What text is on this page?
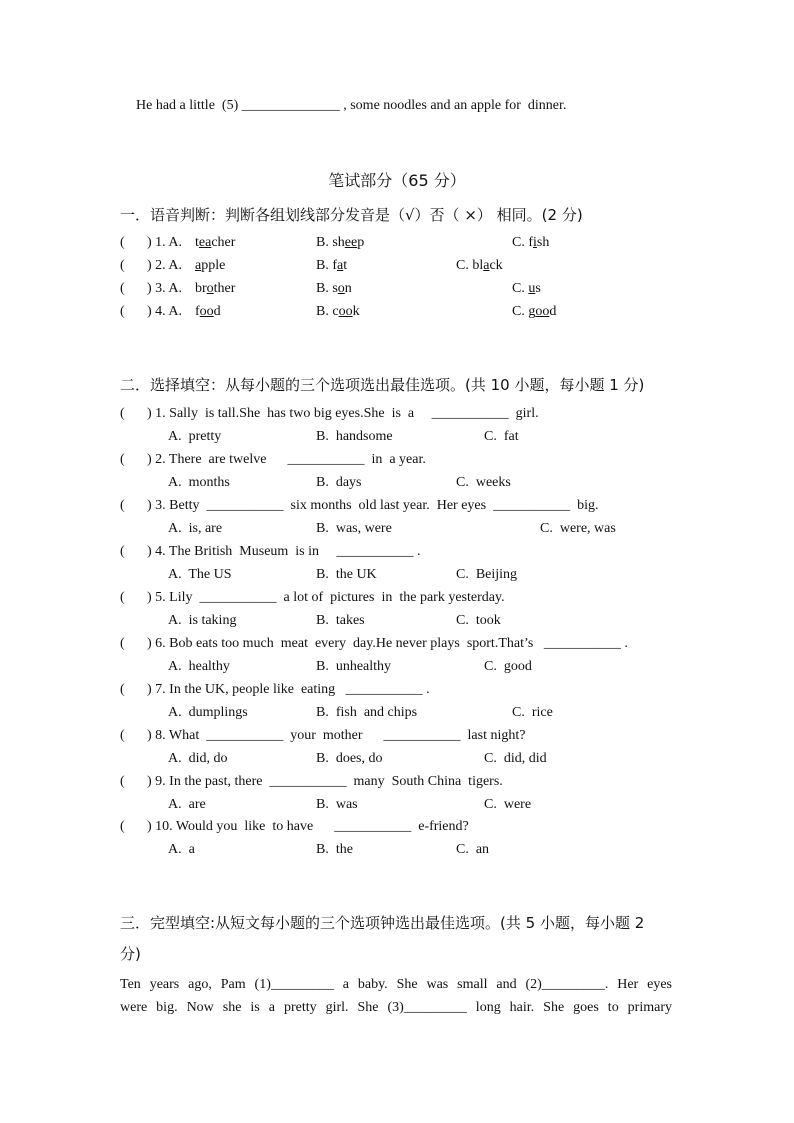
He had a little  (5) ______________ , some noodles and an apple for  dinner.
笔试部分（65 分）
一．语音判断：判断各组划线部分发音是（√）否（ ×） 相同。(2 分)
( ) 1. A. teacher	B. sheep	C. fish
( ) 2. A. apple	B. fat	C. black
( ) 3. A. brother	B. son	C. us
( ) 4. A. food	B. cook	C. good
二．选择填空：从每小题的三个选项选出最佳选项。(共 10 小题，每小题 1 分)
( ) 1. Sally  is tall.She  has two big eyes.She  is  a     ___________  girl.
A.  pretty	B.  handsome	C.  fat
( ) 2. There  are twelve      ___________  in  a year.
A.  months	B.  days	C.  weeks
( ) 3. Betty  ___________  six months  old last year.  Her eyes  ___________  big.
A.  is, are	B.  was, were	C.  were, was
( ) 4. The British  Museum  is in     ___________ .
A.  The US	B.  the UK	C.  Beijing
( ) 5. Lily  ___________  a lot of  pictures  in  the park yesterday.
A.  is taking	B.  takes	C.  took
( ) 6. Bob eats too much  meat  every  day.He never plays  sport.That’s   ___________ .
A.  healthy	B.  unhealthy	C.  good
( ) 7. In the UK, people like  eating   ___________ .
A.  dumplings	B.  fish  and chips	C.  rice
( ) 8. What  ___________  your  mother      ___________  last night?
A.  did, do	B.  does, do	C.  did, did
( ) 9. In the past, there  ___________  many  South China  tigers.
A.  are	B.  was	C.  were
( ) 10. Would you  like  to have      ___________  e-friend?
A.  a	B.  the	C.  an
三．完型填空:从短文每小题的三个选项钟选出最佳选项。(共 5 小题，每小题 2
分)
Ten years ago, Pam (1)_________ a baby. She was small and (2)_________. Her eyes
were big. Now she is a pretty girl. She (3)_________ long hair. She goes to primary
